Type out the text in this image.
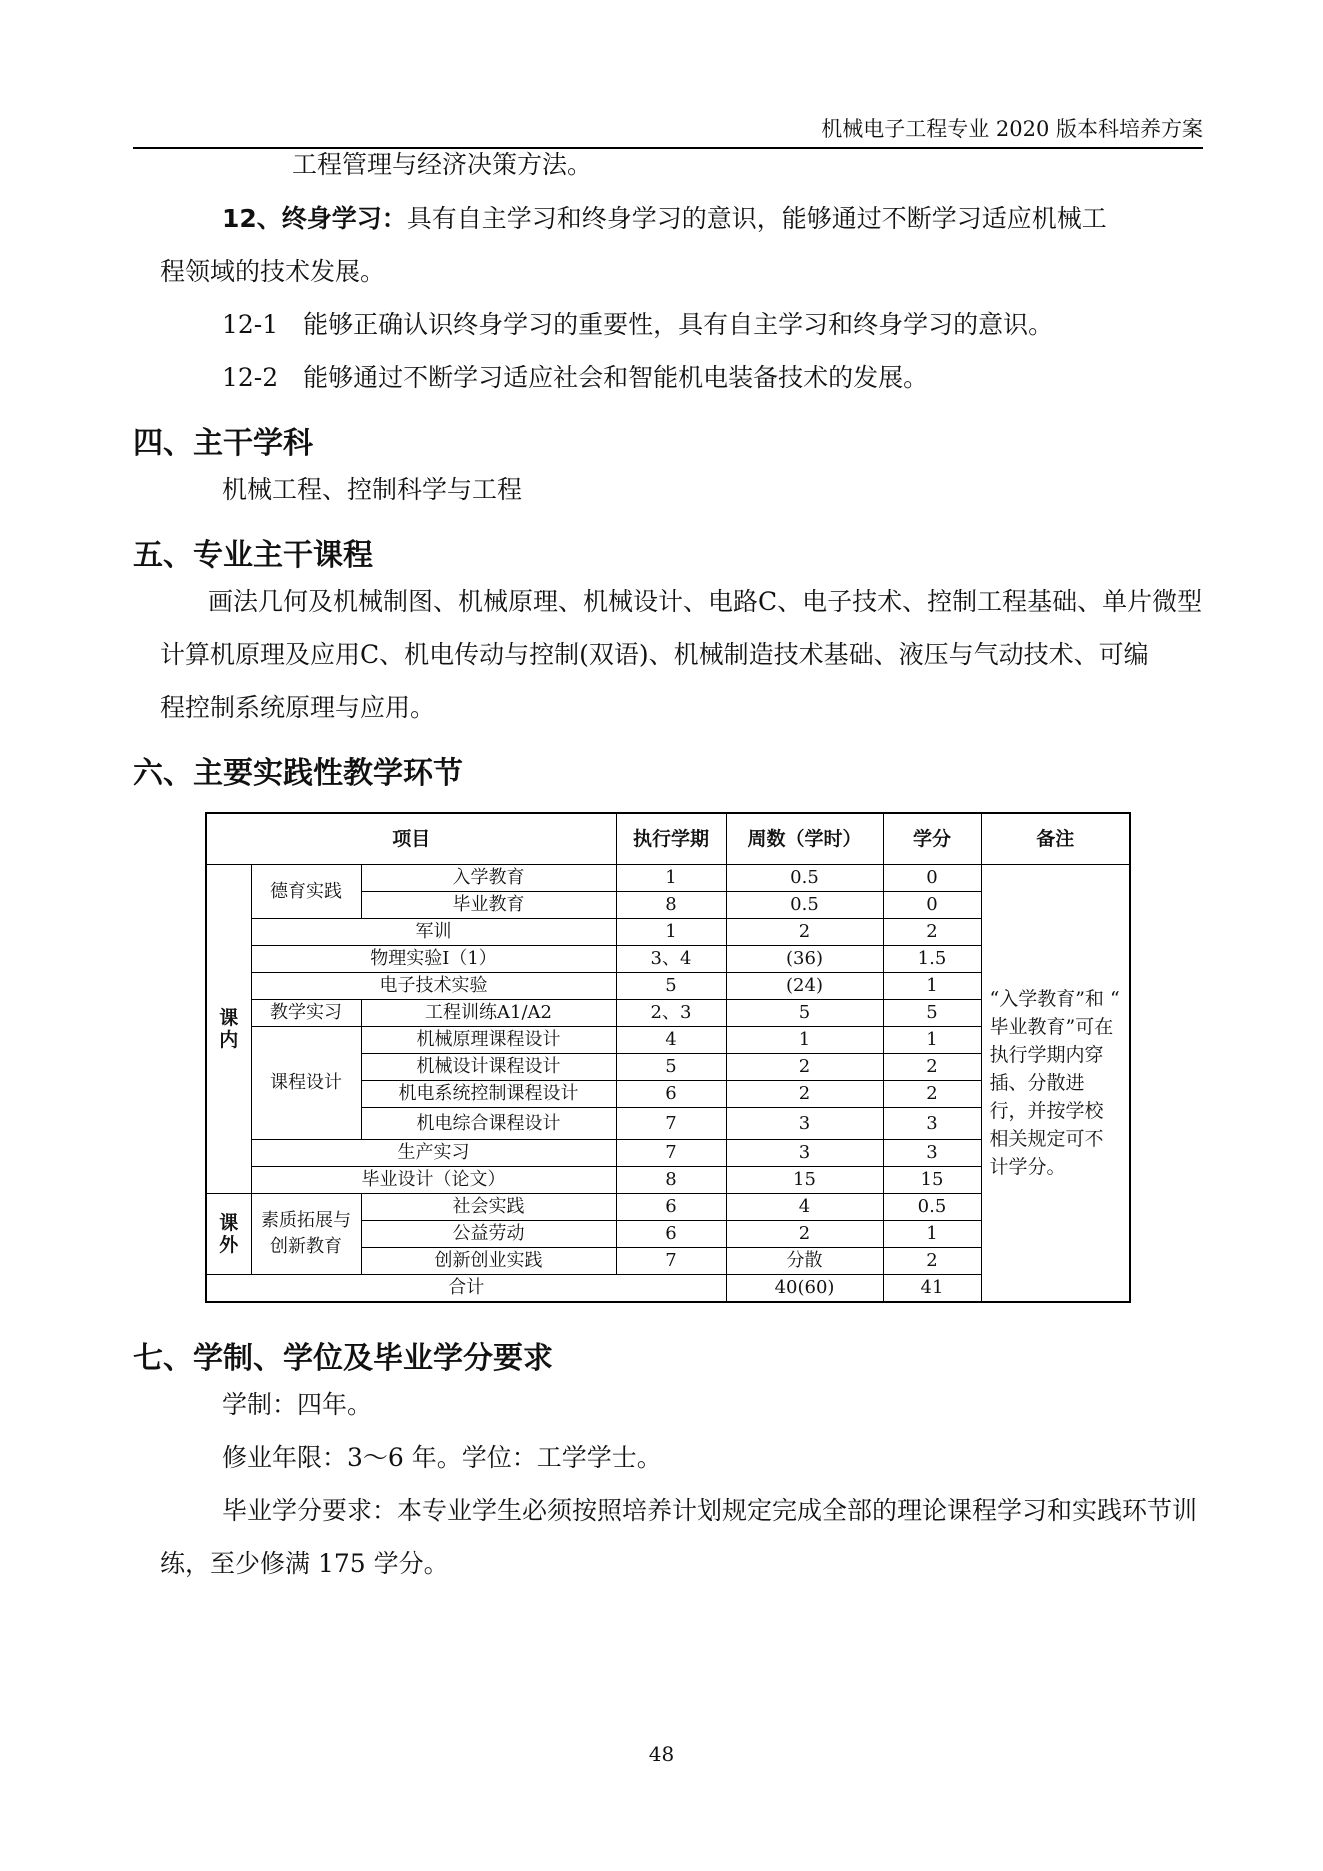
机械电子工程专业 2020 版本科培养方案
工程管理与经济决策方法。
12、终身学习：具有自主学习和终身学习的意识，能够通过不断学习适应机械工
程领域的技术发展。
12-1　能够正确认识终身学习的重要性，具有自主学习和终身学习的意识。
12-2　能够通过不断学习适应社会和智能机电装备技术的发展。
四、主干学科
机械工程、控制科学与工程
五、专业主干课程
画法几何及机械制图、机械原理、机械设计、电路C、电子技术、控制工程基础、单片微型
计算机原理及应用C、机电传动与控制(双语)、机械制造技术基础、液压与气动技术、可编
程控制系统原理与应用。
六、主要实践性教学环节
项目			执行学期	周数（学时）	学分	备注
课内	德育实践	入学教育	1	0.5	0	“入学教育”和 “ 毕业教育”可在执行学期内穿插、分散进行，并按学校相关规定可不计学分。
		毕业教育	8	0.5	0	
	军训		1	2	2	
	物理实验Ⅰ（1）		3、4	(36)	1.5	
	电子技术实验		5	(24)	1	
	教学实习	工程训练A1/A2	2、3	5	5	
	课程设计	机械原理课程设计	4	1	1	
		机械设计课程设计	5	2	2	
		机电系统控制课程设计	6	2	2	
		机电综合课程设计	7	3	3	
	生产实习		7	3	3	
	毕业设计（论文）		8	15	15	
课外	素质拓展与创新教育	社会实践	6	4	0.5	
		公益劳动	6	2	1	
		创新创业实践	7	分散	2	
合计				40(60)	41	
七、学制、学位及毕业学分要求
学制：四年。
修业年限：3～6 年。学位：工学学士。
毕业学分要求：本专业学生必须按照培养计划规定完成全部的理论课程学习和实践环节训
练，至少修满 175 学分。
48
